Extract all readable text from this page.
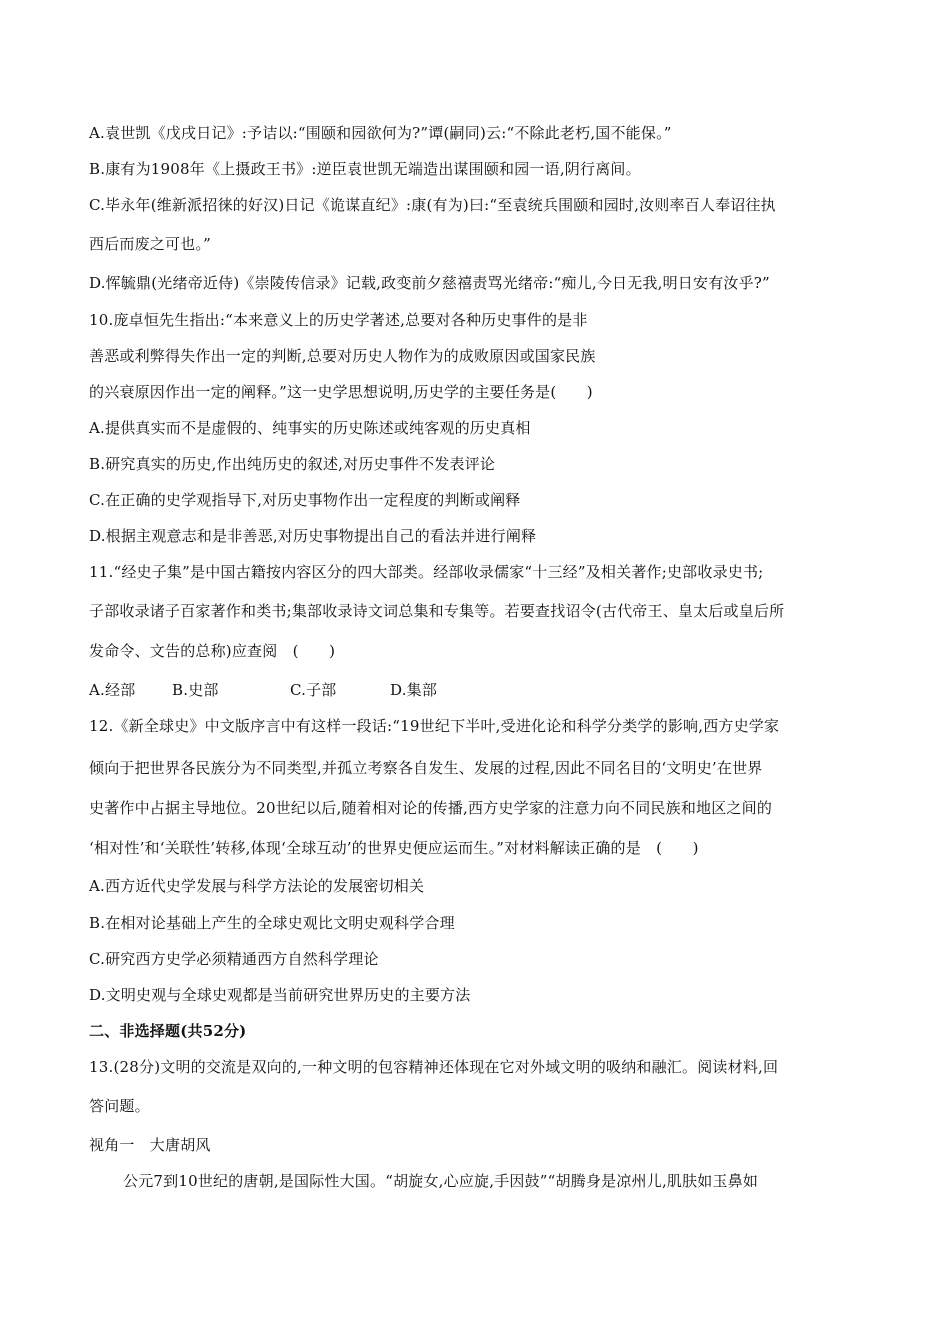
A.袁世凯《戊戌日记》:予诘以:“围颐和园欲何为?”谭(嗣同)云:“不除此老朽,国不能保。”
B.康有为1908年《上摄政王书》:逆臣袁世凯无端造出谋围颐和园一语,阴行离间。
C.毕永年(维新派招徕的好汉)日记《诡谋直纪》:康(有为)曰:“至袁统兵围颐和园时,汝则率百人奉诏往执
西后而废之可也。”
D.恽毓鼎(光绪帝近侍)《崇陵传信录》记载,政变前夕慈禧责骂光绪帝:“痴儿,今日无我,明日安有汝乎?”
10.庞卓恒先生指出:“本来意义上的历史学著述,总要对各种历史事件的是非
善恶或利弊得失作出一定的判断,总要对历史人物作为的成败原因或国家民族
的兴衰原因作出一定的阐释。”这一史学思想说明,历史学的主要任务是(　　)
A.提供真实而不是虚假的、纯事实的历史陈述或纯客观的历史真相
B.研究真实的历史,作出纯历史的叙述,对历史事件不发表评论
C.在正确的史学观指导下,对历史事物作出一定程度的判断或阐释
D.根据主观意志和是非善恶,对历史事物提出自己的看法并进行阐释
11.“经史子集”是中国古籍按内容区分的四大部类。经部收录儒家“十三经”及相关著作;史部收录史书;
子部收录诸子百家著作和类书;集部收录诗文词总集和专集等。若要查找诏令(古代帝王、皇太后或皇后所
发命令、文告的总称)应查阅　(　　)
A.经部 B.史部	C.子部	D.集部
12.《新全球史》中文版序言中有这样一段话:“19世纪下半叶,受进化论和科学分类学的影响,西方史学家
倾向于把世界各民族分为不同类型,并孤立考察各自发生、发展的过程,因此不同名目的‘文明史’在世界
史著作中占据主导地位。20世纪以后,随着相对论的传播,西方史学家的注意力向不同民族和地区之间的
‘相对性’和‘关联性’转移,体现‘全球互动’的世界史便应运而生。”对材料解读正确的是　(　　)
A.西方近代史学发展与科学方法论的发展密切相关
B.在相对论基础上产生的全球史观比文明史观科学合理
C.研究西方史学必须精通西方自然科学理论
D.文明史观与全球史观都是当前研究世界历史的主要方法
二、非选择题(共52分)
13.(28分)文明的交流是双向的,一种文明的包容精神还体现在它对外域文明的吸纳和融汇。阅读材料,回
答问题。
视角一　大唐胡风
公元7到10世纪的唐朝,是国际性大国。“胡旋女,心应旋,手因鼓”“胡腾身是凉州儿,肌肤如玉鼻如
